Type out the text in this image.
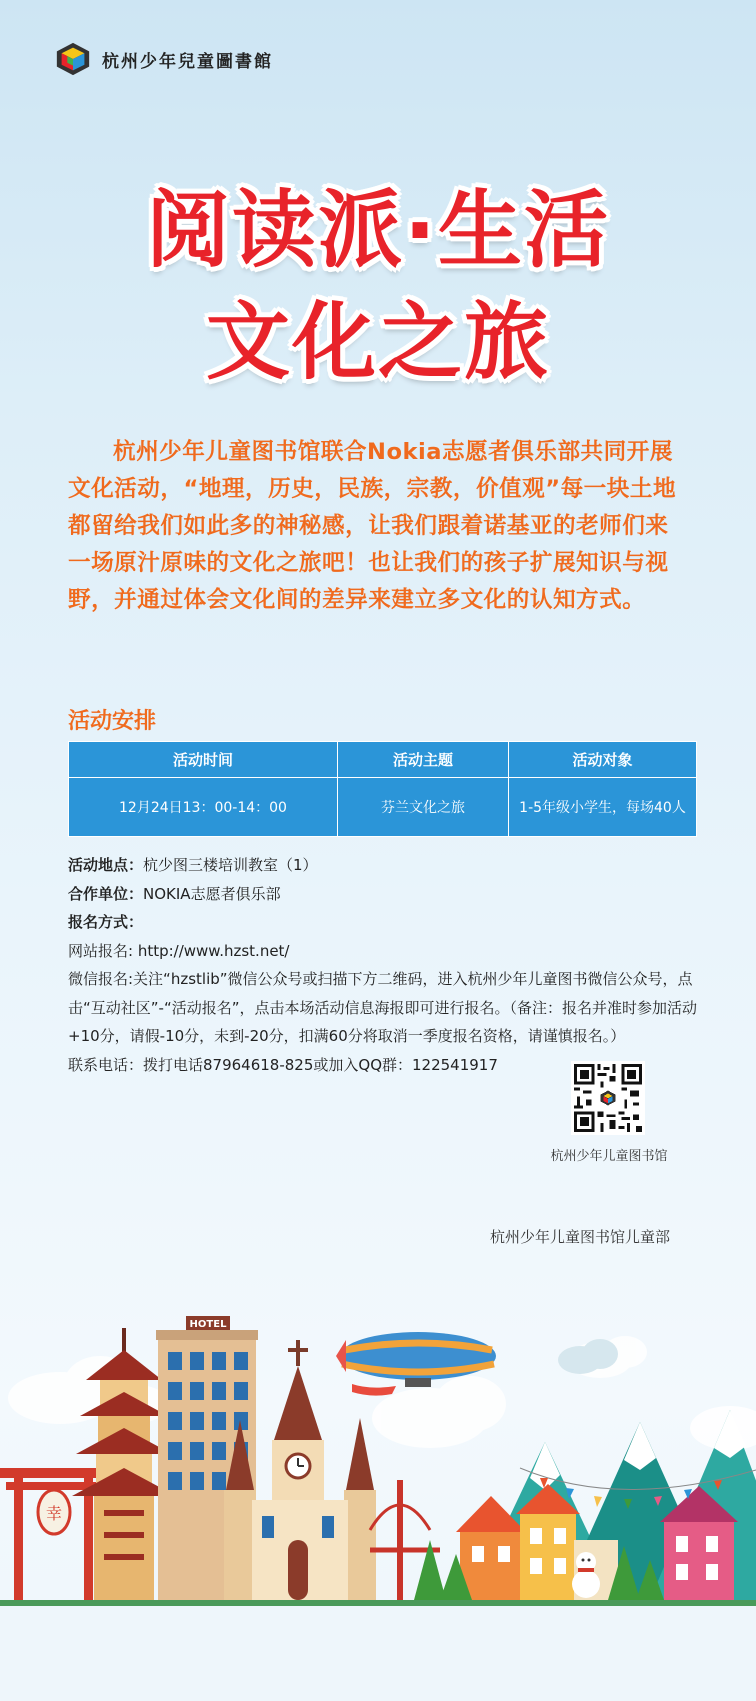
杭州少年兒童圖書館
阅读派·生活
文化之旅
杭州少年儿童图书馆联合Nokia志愿者俱乐部共同开展文化活动，“地理，历史，民族，宗教，价值观”每一块土地都留给我们如此多的神秘感，让我们跟着诺基亚的老师们来一场原汁原味的文化之旅吧！也让我们的孩子扩展知识与视野，并通过体会文化间的差异来建立多文化的认知方式。
活动安排
活动时间	活动主题	活动对象
12月24日13：00-14：00	芬兰文化之旅	1-5年级小学生，每场40人

活动地点：杭少图三楼培训教室（1）

合作单位：NOKIA志愿者俱乐部

报名方式：

网站报名: http://www.hzst.net/

微信报名:关注“hzstlib”微信公众号或扫描下方二维码，进入杭州少年儿童图书微信公众号，点击“互动社区”-“活动报名”，点击本场活动信息海报即可进行报名。（备注：报名并准时参加活动+10分，请假-10分，未到-20分，扣满60分将取消一季度报名资格，请谨慎报名。）

联系电话：拨打电话87964618-825或加入QQ群：122541917

杭州少年儿童图书馆
杭州少年儿童图书馆儿童部
幸
HOTEL
